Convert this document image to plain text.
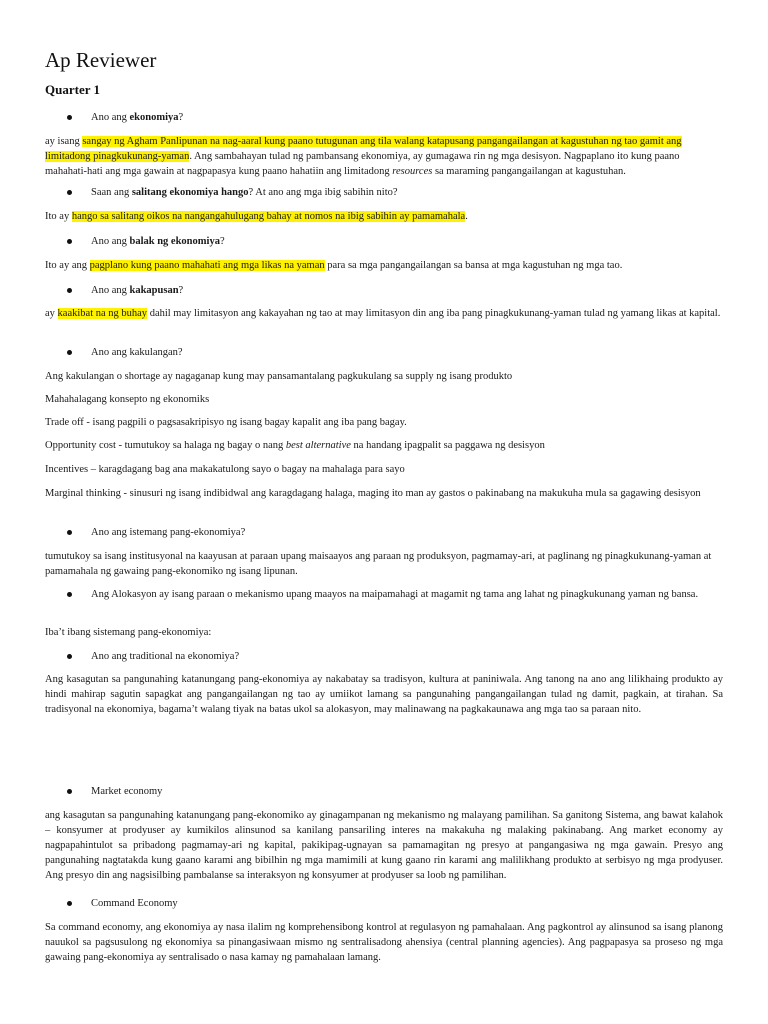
Ap Reviewer
Quarter 1

Ano ang ekonomiya?

ay isang sangay ng Agham Panlipunan na nag-aaral kung paano tutugunan ang tila walang katapusang pangangailangan at kagustuhan ng tao gamit ang limitadong pinagkukunang-yaman. Ang sambahayan tulad ng pambansang ekonomiya, ay gumagawa rin ng mga desisyon. Nagpaplano ito kung paano mahahati-hati ang mga gawain at nagpapasya kung paano hahatiin ang limitadong resources sa maraming pangangailangan at kagustuhan.

Saan ang salitang ekonomiya hango? At ano ang mga ibig sabihin nito?

Ito ay hango sa salitang oikos na nangangahulugang bahay at nomos na ibig sabihin ay pamamahala.

Ano ang balak ng ekonomiya?

Ito ay ang pagplano kung paano mahahati ang mga likas na yaman para sa mga pangangailangan sa bansa at mga kagustuhan ng mga tao.

Ano ang kakapusan?

ay kaakibat na ng buhay dahil may limitasyon ang kakayahan ng tao at may limitasyon din ang iba pang pinagkukunang-yaman tulad ng yamang likas at kapital.

Ano ang kakulangan?

Ang kakulangan o shortage ay nagaganap kung may pansamantalang pagkukulang sa supply ng isang produkto

Mahahalagang konsepto ng ekonomiks

Trade off - isang pagpili o pagsasakripisyo ng isang bagay kapalit ang iba pang bagay.

Opportunity cost - tumutukoy sa halaga ng bagay o nang best alternative na handang ipagpalit sa paggawa ng desisyon

Incentives – karagdagang bag ana makakatulong sayo o bagay na mahalaga para sayo

Marginal thinking - sinusuri ng isang indibidwal ang karagdagang halaga, maging ito man ay gastos o pakinabang na makukuha mula sa gagawing desisyon

Ano ang istemang pang-ekonomiya?

tumutukoy sa isang institusyonal na kaayusan at paraan upang maisaayos ang paraan ng produksyon, pagmamay-ari, at paglinang ng pinagkukunang-yaman at pamamahala ng gawaing pang-ekonomiko ng isang lipunan.

Ang Alokasyon ay isang paraan o mekanismo upang maayos na maipamahagi at magamit ng tama ang lahat ng pinagkukunang yaman ng bansa.

Iba’t ibang sistemang pang-ekonomiya:

Ano ang traditional na ekonomiya?

Ang kasagutan sa pangunahing katanungang pang-ekonomiya ay nakabatay sa tradisyon, kultura at paniniwala. Ang tanong na ano ang lilikhaing produkto ay hindi mahirap sagutin sapagkat ang pangangailangan ng tao ay umiikot lamang sa pangunahing pangangailangan tulad ng damit, pagkain, at tirahan. Sa tradisyonal na ekonomiya, bagama’t walang tiyak na batas ukol sa alokasyon, may malinawang na pagkakaunawa ang mga tao sa paraan nito.

Market economy

ang kasagutan sa pangunahing katanungang pang-ekonomiko ay ginagampanan ng mekanismo ng malayang pamilihan. Sa ganitong Sistema, ang bawat kalahok – konsyumer at prodyuser ay kumikilos alinsunod sa kanilang pansariling interes na makakuha ng malaking pakinabang. Ang market economy ay nagpapahintulot sa pribadong pagmamay-ari ng kapital, pakikipag-ugnayan sa pamamagitan ng presyo at pangangasiwa ng mga gawain. Presyo ang pangunahing nagtatakda kung gaano karami ang bibilhin ng mga mamimili at kung gaano rin karami ang malilikhang produkto at serbisyo ng mga prodyuser. Ang presyo din ang nagsisilbing pambalanse sa interaksyon ng konsyumer at prodyuser sa loob ng pamilihan.

Command Economy

Sa command economy, ang ekonomiya ay nasa ilalim ng komprehensibong kontrol at regulasyon ng pamahalaan. Ang pagkontrol ay alinsunod sa isang planong nauukol sa pagsusulong ng ekonomiya sa pinangasiwaan mismo ng sentralisadong ahensiya (central planning agencies). Ang pagpapasya sa proseso ng mga gawaing pang-ekonomiya ay sentralisado o nasa kamay ng pamahalaan lamang.
